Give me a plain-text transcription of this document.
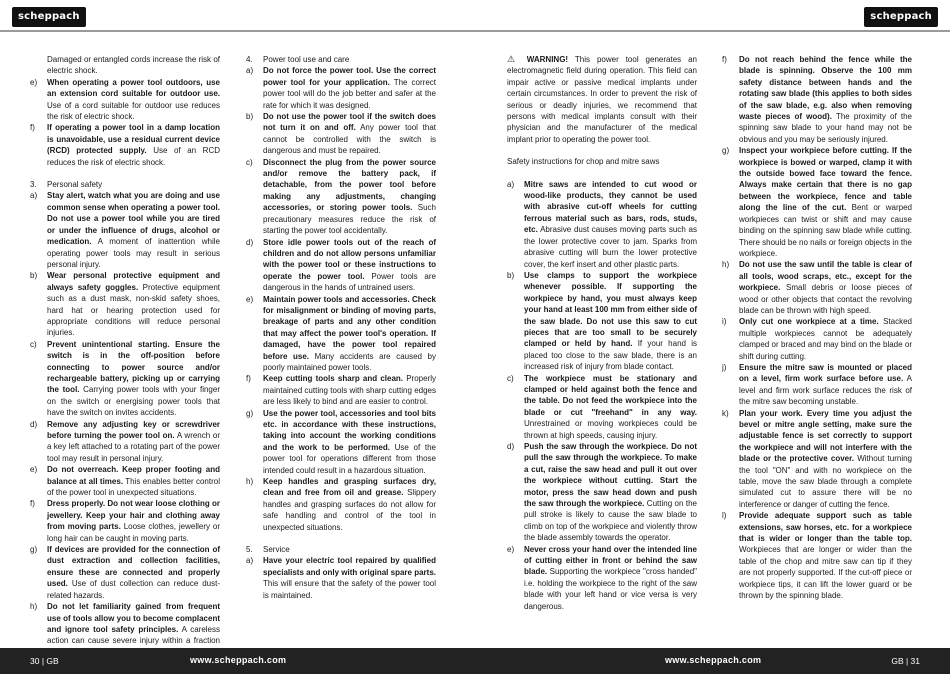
scheppach	scheppach
Damaged or entangled cords increase the risk of electric shock.
e) When operating a power tool outdoors, use an extension cord suitable for outdoor use. Use of a cord suitable for outdoor use reduces the risk of electric shock.
f) If operating a power tool in a damp location is unavoidable, use a residual current device (RCD) protected supply. Use of an RCD reduces the risk of electric shock.
3. Personal safety
a) Stay alert, watch what you are doing and use common sense when operating a power tool. Do not use a power tool while you are tired or under the influence of drugs, alcohol or medication. A moment of inattention while operating power tools may result in serious personal injury.
b) Wear personal protective equipment and always safety goggles. Protective equipment such as a dust mask, non-skid safety shoes, hard hat or hearing protection used for appropriate conditions will reduce personal injuries.
c) Prevent unintentional starting. Ensure the switch is in the off-position before connecting to power source and/or rechargeable battery, picking up or carrying the tool. Carrying power tools with your finger on the switch or energising power tools that have the switch on invites accidents.
d) Remove any adjusting key or screwdriver before turning the power tool on. A wrench or a key left attached to a rotating part of the power tool may result in personal injury.
e) Do not overreach. Keep proper footing and balance at all times. This enables better control of the power tool in unexpected situations.
f) Dress properly. Do not wear loose clothing or jewellery. Keep your hair and clothing away from moving parts. Loose clothes, jewellery or long hair can be caught in moving parts.
g) If devices are provided for the connection of dust extraction and collection facilities, ensure these are connected and properly used. Use of dust collection can reduce dust-related hazards.
h) Do not let familiarity gained from frequent use of tools allow you to become complacent and ignore tool safety principles. A careless action can cause severe injury within a fraction
4. Power tool use and care
a) Do not force the power tool. Use the correct power tool for your application. The correct power tool will do the job better and safer at the rate for which it was designed.
b) Do not use the power tool if the switch does not turn it on and off. Any power tool that cannot be controlled with the switch is dangerous and must be repaired.
c) Disconnect the plug from the power source and/or remove the battery pack, if detachable, from the power tool before making any adjustments, changing accessories, or storing power tools. Such precautionary measures reduce the risk of starting the power tool accidentally.
d) Store idle power tools out of the reach of children and do not allow persons unfamiliar with the power tool or these instructions to operate the power tool. Power tools are dangerous in the hands of untrained users.
e) Maintain power tools and accessories. Check for misalignment or binding of moving parts, breakage of parts and any other condition that may affect the power tool's operation. If damaged, have the power tool repaired before use. Many accidents are caused by poorly maintained power tools.
f) Keep cutting tools sharp and clean. Properly maintained cutting tools with sharp cutting edges are less likely to bind and are easier to control.
g) Use the power tool, accessories and tool bits etc. in accordance with these instructions, taking into account the working conditions and the work to be performed. Use of the power tool for operations different from those intended could result in a hazardous situation.
h) Keep handles and grasping surfaces dry, clean and free from oil and grease. Slippery handles and grasping surfaces do not allow for safe handling and control of the tool in unexpected situations.
5. Service
a) Have your electric tool repaired by qualified specialists and only with original spare parts. This will ensure that the safety of the power tool is maintained.
⚠ WARNING! This power tool generates an electromagnetic field during operation. This field can impair active or passive medical implants under certain circumstances. In order to prevent the risk of serious or deadly injuries, we recommend that persons with medical implants consult with their physician and the manufacturer of the medical implant prior to operating the power tool.
Safety instructions for chop and mitre saws
a) Mitre saws are intended to cut wood or wood-like products, they cannot be used with abrasive cut-off wheels for cutting ferrous material such as bars, rods, studs, etc. Abrasive dust causes moving parts such as the lower protective cover to jam. Sparks from abrasive cutting will burn the lower protective cover, the kerf insert and other plastic parts.
b) Use clamps to support the workpiece whenever possible. If supporting the workpiece by hand, you must always keep your hand at least 100 mm from either side of the saw blade. Do not use this saw to cut pieces that are too small to be securely clamped or held by hand. If your hand is placed too close to the saw blade, there is an increased risk of injury from blade contact.
c) The workpiece must be stationary and clamped or held against both the fence and the table. Do not feed the workpiece into the blade or cut "freehand" in any way. Unrestrained or moving workpieces could be thrown at high speeds, causing injury.
d) Push the saw through the workpiece. Do not pull the saw through the workpiece. To make a cut, raise the saw head and pull it out over the workpiece without cutting. Start the motor, press the saw head down and push the saw through the workpiece. Cutting on the pull stroke is likely to cause the saw blade to climb on top of the workpiece and violently throw the blade assembly towards the operator.
e) Never cross your hand over the intended line of cutting either in front or behind the saw blade. Supporting the workpiece "cross handed" i.e. holding the workpiece to the right of the saw blade with your left hand or vice versa is very dangerous.
f) Do not reach behind the fence while the blade is spinning. Observe the 100 mm safety distance between hands and the rotating saw blade (this applies to both sides of the saw blade, e.g. also when removing waste pieces of wood). The proximity of the spinning saw blade to your hand may not be obvious and you may be seriously injured.
g) Inspect your workpiece before cutting. If the workpiece is bowed or warped, clamp it with the outside bowed face toward the fence. Always make certain that there is no gap between the workpiece, fence and table along the line of the cut. Bent or warped workpieces can twist or shift and may cause binding on the spinning saw blade while cutting. There should be no nails or foreign objects in the workpiece.
h) Do not use the saw until the table is clear of all tools, wood scraps, etc., except for the workpiece. Small debris or loose pieces of wood or other objects that contact the revolving blade can be thrown with high speed.
i) Only cut one workpiece at a time. Stacked multiple workpieces cannot be adequately clamped or braced and may bind on the blade or shift during cutting.
j) Ensure the mitre saw is mounted or placed on a level, firm work surface before use. A level and firm work surface reduces the risk of the mitre saw becoming unstable.
k) Plan your work. Every time you adjust the bevel or mitre angle setting, make sure the adjustable fence is set correctly to support the workpiece and will not interfere with the blade or the protective cover. Without turning the tool "ON" and with no workpiece on the table, move the saw blade through a complete simulated cut to assure there will be no interference or danger of cutting the fence.
l) Provide adequate support such as table extensions, saw horses, etc. for a workpiece that is wider or longer than the table top. Workpieces that are longer or wider than the table of the chop and mitre saw can tip if they are not properly supported. If the cut-off piece or workpiece tips, it can lift the lower guard or be thrown by the spinning blade.
30 | GB	www.scheppach.com	www.scheppach.com	GB | 31
